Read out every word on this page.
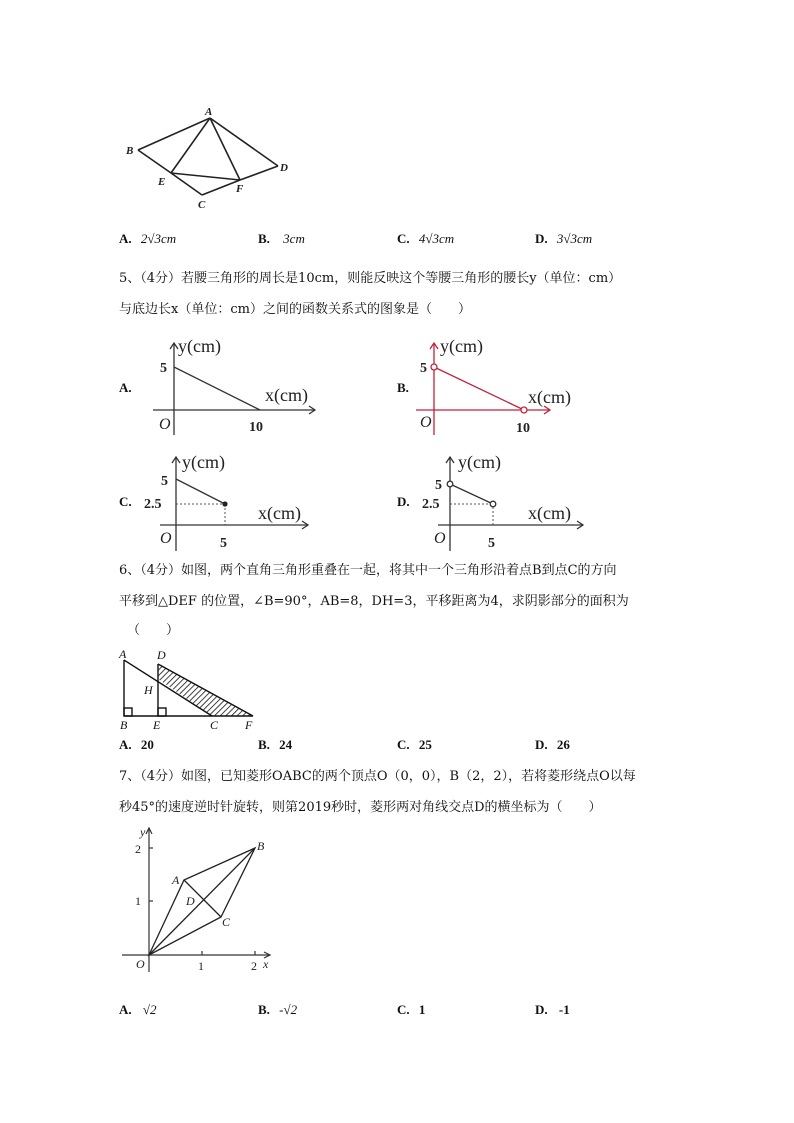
A
B
C
D
E
F
A. 2√3cm	B. 3cm	C. 4√3cm	D. 3√3cm
5、（4分）若腰三角形的周长是10cm，则能反映这个等腰三角形的腰长y（单位：cm）
与底边长x（单位：cm）之间的函数关系式的图象是（　　）
A.
y(cm)
x(cm)
5
10
O
B.
y(cm)
x(cm)
5
10
O
C.
y(cm)
x(cm)
5
2.5
5
O
D.
y(cm)
x(cm)
5
2.5
5
O
6、（4分）如图，两个直角三角形重叠在一起，将其中一个三角形沿着点B到点C的方向
平移到△DEF 的位置，∠B=90°，AB=8，DH=3，平移距离为4，求阴影部分的面积为
（　　）
A
B	C
D
E	F
H
A. 20	B. 24	C. 25	D. 26
7、（4分）如图，已知菱形OABC的两个顶点O（0，0），B（2，2），若将菱形绕点O以每
秒45°的速度逆时针旋转，则第2019秒时，菱形两对角线交点D的横坐标为（　　）
O	1	2 x
1
2
y
A
B
C
D
A. √2	B. -√2	C. 1	D. -1
